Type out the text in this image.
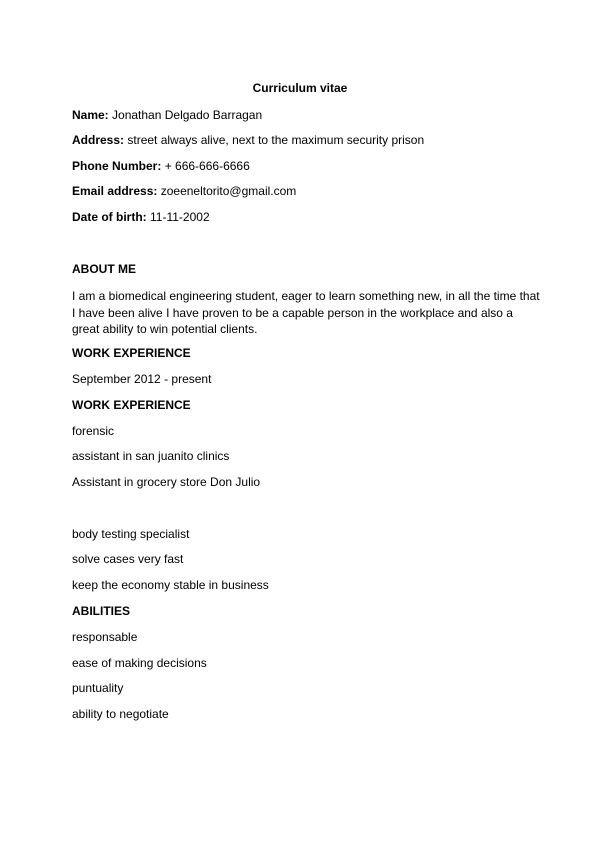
Curriculum vitae
Name: Jonathan Delgado Barragan
Address: street always alive, next to the maximum security prison
Phone Number: + 666-666-6666
Email address: zoeeneltorito@gmail.com
Date of birth: 11-11-2002
ABOUT ME
I am a biomedical engineering student, eager to learn something new, in all the time that I have been alive I have proven to be a capable person in the workplace and also a great ability to win potential clients.
WORK EXPERIENCE
September 2012 - present
WORK EXPERIENCE
forensic
assistant in san juanito clinics
Assistant in grocery store Don Julio
body testing specialist
solve cases very fast
keep the economy stable in business
ABILITIES
responsable
ease of making decisions
puntuality
ability to negotiate
